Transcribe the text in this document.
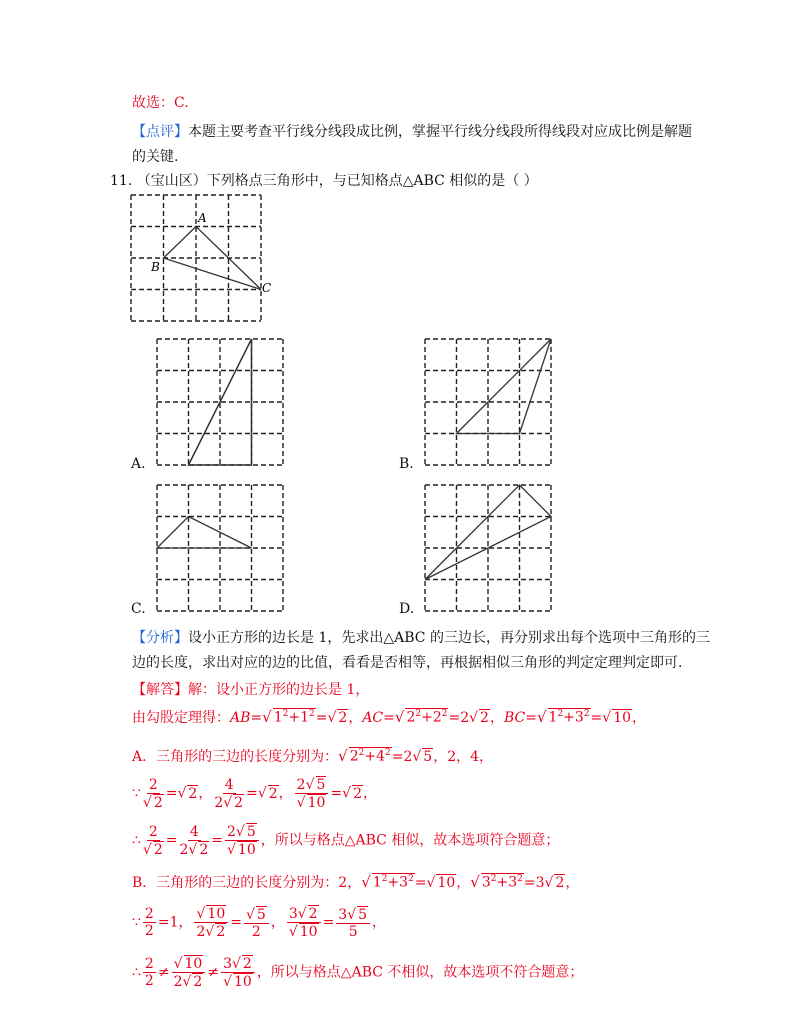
故选：C.
【点评】本题主要考查平行线分线段成比例，掌握平行线分线段所得线段对应成比例是解题
的关键.
11. （宝山区）下列格点三角形中，与已知格点△ABC 相似的是（ ）
A
B
C
A.	B.
C.	D.
【分析】设小正方形的边长是 1，先求出△ABC 的三边长，再分别求出每个选项中三角形的三
边的长度，求出对应的边的比值，看看是否相等，再根据相似三角形的判定定理判定即可.
【解答】解：设小正方形的边长是 1，
由勾股定理得：AB=√ $1^2+1^2=√$ 2，AC=√ $2^2+2^2=2√$ 2，BC=√ $1^2+3^2=√$ 10，
A．三角形的三边的长度分别为：√ $2^2+4^2=2√$ 5，2，4，
∵ $\frac{2}{√ 2}$ =√ 2， $\frac{4}{2√ 2}$ =√ 2， $\frac{2√ 5}{√ 10}$ =√ 2，
∴ $\frac{2}{√ 2} = \frac{4}{2√ 2} = \frac{2√ 5}{√ 10}$ ，所以与格点△ABC 相似，故本选项符合题意；
B．三角形的三边的长度分别为：2，√ $1^2+3^2=√$ 10，√ $3^2+3^2=3√$ 2，
∵ $\frac{2}{2} =1$， $\frac{√ 10}{2√ 2} = \frac{√ 5}{2}$ ， $\frac{3√ 2}{√ 10} = \frac{3√ 5}{5}$ ，
∴ $\frac{2}{2} \ne \frac{√ 10}{2√ 2} \ne \frac{3√ 2}{√ 10}$ ，所以与格点△ABC 不相似，故本选项不符合题意；
